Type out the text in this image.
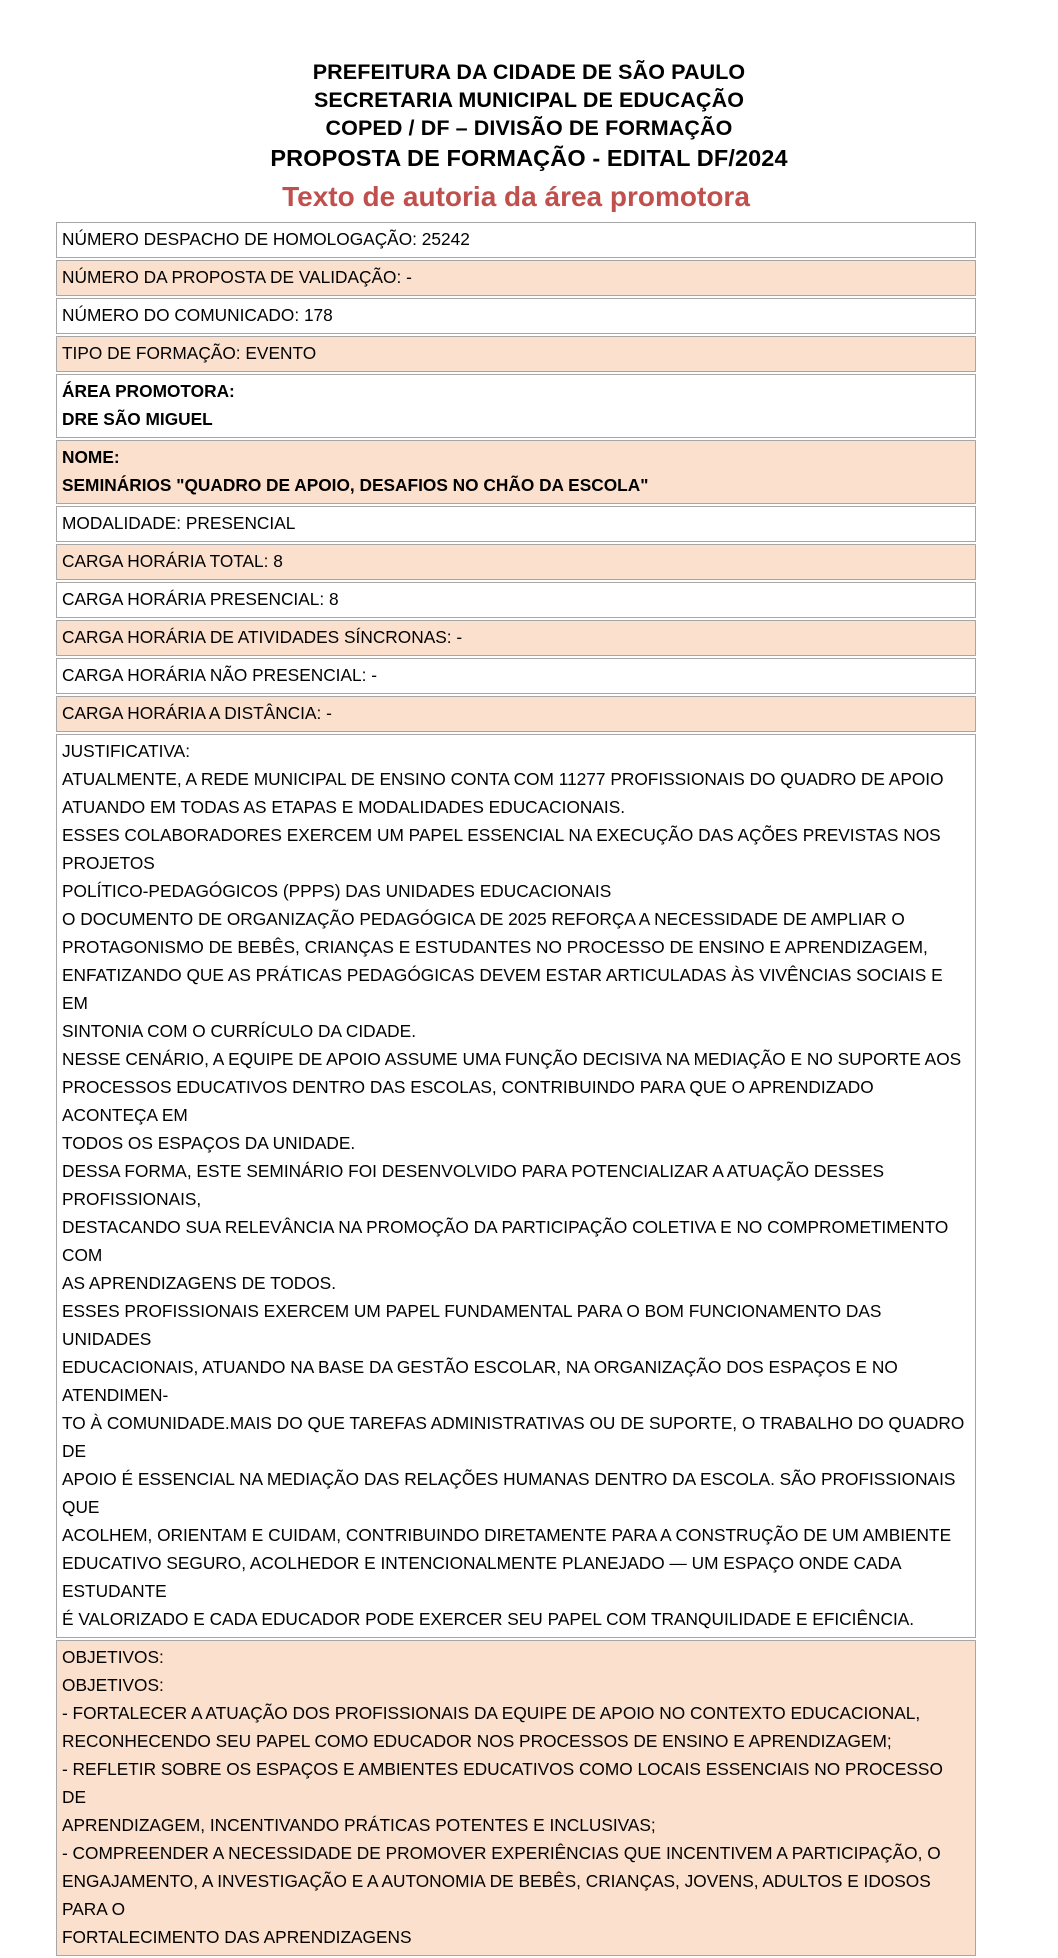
PREFEITURA DA CIDADE DE SÃO PAULO
SECRETARIA MUNICIPAL DE EDUCAÇÃO
COPED / DF – DIVISÃO DE FORMAÇÃO
PROPOSTA DE FORMAÇÃO - EDITAL DF/2024
Texto de autoria da área promotora
NÚMERO DESPACHO DE HOMOLOGAÇÃO: 25242
NÚMERO DA PROPOSTA DE VALIDAÇÃO: -
NÚMERO DO COMUNICADO: 178
TIPO DE FORMAÇÃO: EVENTO

ÁREA PROMOTORA:
DRE SÃO MIGUEL

NOME:
SEMINÁRIOS "QUADRO DE APOIO, DESAFIOS NO CHÃO DA ESCOLA"

MODALIDADE: PRESENCIAL
CARGA HORÁRIA TOTAL: 8
CARGA HORÁRIA PRESENCIAL: 8
CARGA HORÁRIA DE ATIVIDADES SÍNCRONAS: -
CARGA HORÁRIA NÃO PRESENCIAL: -
CARGA HORÁRIA A DISTÂNCIA: -

JUSTIFICATIVA:
ATUALMENTE, A REDE MUNICIPAL DE ENSINO CONTA COM 11277 PROFISSIONAIS DO QUADRO DE APOIO
ATUANDO EM TODAS AS ETAPAS E MODALIDADES EDUCACIONAIS.
ESSES COLABORADORES EXERCEM UM PAPEL ESSENCIAL NA EXECUÇÃO DAS AÇÕES PREVISTAS NOS PROJETOS
POLÍTICO-PEDAGÓGICOS (PPPS) DAS UNIDADES EDUCACIONAIS
O DOCUMENTO DE ORGANIZAÇÃO PEDAGÓGICA DE 2025 REFORÇA A NECESSIDADE DE AMPLIAR O
PROTAGONISMO DE BEBÊS, CRIANÇAS E ESTUDANTES NO PROCESSO DE ENSINO E APRENDIZAGEM,
ENFATIZANDO QUE AS PRÁTICAS PEDAGÓGICAS DEVEM ESTAR ARTICULADAS ÀS VIVÊNCIAS SOCIAIS E EM
SINTONIA COM O CURRÍCULO DA CIDADE.
NESSE CENÁRIO, A EQUIPE DE APOIO ASSUME UMA FUNÇÃO DECISIVA NA MEDIAÇÃO E NO SUPORTE AOS
PROCESSOS EDUCATIVOS DENTRO DAS ESCOLAS, CONTRIBUINDO PARA QUE O APRENDIZADO ACONTEÇA EM
TODOS OS ESPAÇOS DA UNIDADE.
DESSA FORMA, ESTE SEMINÁRIO FOI DESENVOLVIDO PARA POTENCIALIZAR A ATUAÇÃO DESSES PROFISSIONAIS,
DESTACANDO SUA RELEVÂNCIA NA PROMOÇÃO DA PARTICIPAÇÃO COLETIVA E NO COMPROMETIMENTO COM
AS APRENDIZAGENS DE TODOS.
ESSES PROFISSIONAIS EXERCEM UM PAPEL FUNDAMENTAL PARA O BOM FUNCIONAMENTO DAS UNIDADES
EDUCACIONAIS, ATUANDO NA BASE DA GESTÃO ESCOLAR, NA ORGANIZAÇÃO DOS ESPAÇOS E NO ATENDIMEN-
TO À COMUNIDADE.MAIS DO QUE TAREFAS ADMINISTRATIVAS OU DE SUPORTE, O TRABALHO DO QUADRO DE
APOIO É ESSENCIAL NA MEDIAÇÃO DAS RELAÇÕES HUMANAS DENTRO DA ESCOLA. SÃO PROFISSIONAIS QUE
ACOLHEM, ORIENTAM E CUIDAM, CONTRIBUINDO DIRETAMENTE PARA A CONSTRUÇÃO DE UM AMBIENTE
EDUCATIVO SEGURO, ACOLHEDOR E INTENCIONALMENTE PLANEJADO — UM ESPAÇO ONDE CADA ESTUDANTE
É VALORIZADO E CADA EDUCADOR PODE EXERCER SEU PAPEL COM TRANQUILIDADE E EFICIÊNCIA.

OBJETIVOS:
OBJETIVOS:
- FORTALECER A ATUAÇÃO DOS PROFISSIONAIS DA EQUIPE DE APOIO NO CONTEXTO EDUCACIONAL,
RECONHECENDO SEU PAPEL COMO EDUCADOR NOS PROCESSOS DE ENSINO E APRENDIZAGEM;
- REFLETIR SOBRE OS ESPAÇOS E AMBIENTES EDUCATIVOS COMO LOCAIS ESSENCIAIS NO PROCESSO DE
APRENDIZAGEM, INCENTIVANDO PRÁTICAS POTENTES E INCLUSIVAS;
- COMPREENDER A NECESSIDADE DE PROMOVER EXPERIÊNCIAS QUE INCENTIVEM A PARTICIPAÇÃO, O
ENGAJAMENTO, A INVESTIGAÇÃO E A AUTONOMIA DE BEBÊS, CRIANÇAS, JOVENS, ADULTOS E IDOSOS PARA O
FORTALECIMENTO DAS APRENDIZAGENS
